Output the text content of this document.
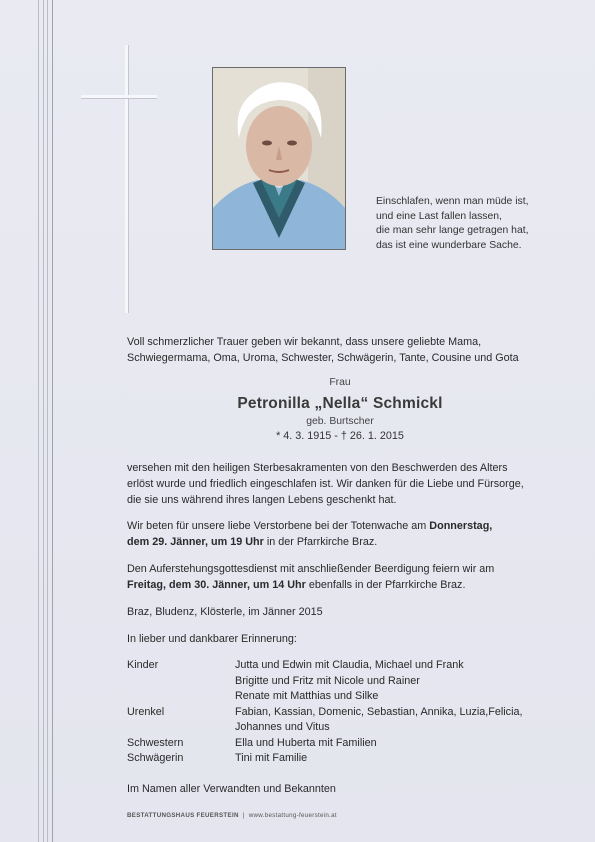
Einschlafen, wenn man müde ist,
und eine Last fallen lassen,
die man sehr lange getragen hat,
das ist eine wunderbare Sache.
Voll schmerzlicher Trauer geben wir bekannt, dass unsere geliebte Mama,
Schwiegermama, Oma, Uroma, Schwester, Schwägerin, Tante, Cousine und Gota
Frau
Petronilla „Nella“ Schmickl
geb. Burtscher
* 4. 3. 1915 - † 26. 1. 2015
versehen mit den heiligen Sterbesakramenten von den Beschwerden des Alters
erlöst wurde und friedlich eingeschlafen ist. Wir danken für die Liebe und Fürsorge,
die sie uns während ihres langen Lebens geschenkt hat.
Wir beten für unsere liebe Verstorbene bei der Totenwache am Donnerstag,
dem 29. Jänner, um 19 Uhr in der Pfarrkirche Braz.
Den Auferstehungsgottesdienst mit anschließender Beerdigung feiern wir am
Freitag, dem 30. Jänner, um 14 Uhr ebenfalls in der Pfarrkirche Braz.
Braz, Bludenz, Klösterle, im Jänner 2015
In lieber und dankbarer Erinnerung:
Kinder	Jutta und Edwin mit Claudia, Michael und Frank
Brigitte und Fritz mit Nicole und Rainer
Renate mit Matthias und Silke
Urenkel	Fabian, Kassian, Domenic, Sebastian, Annika, Luzia,Felicia,
Johannes und Vitus
Schwestern	Ella und Huberta mit Familien
Schwägerin	Tini mit Familie
Im Namen aller Verwandten und Bekannten
BESTATTUNGSHAUS FEUERSTEIN | www.bestattung-feuerstein.at
